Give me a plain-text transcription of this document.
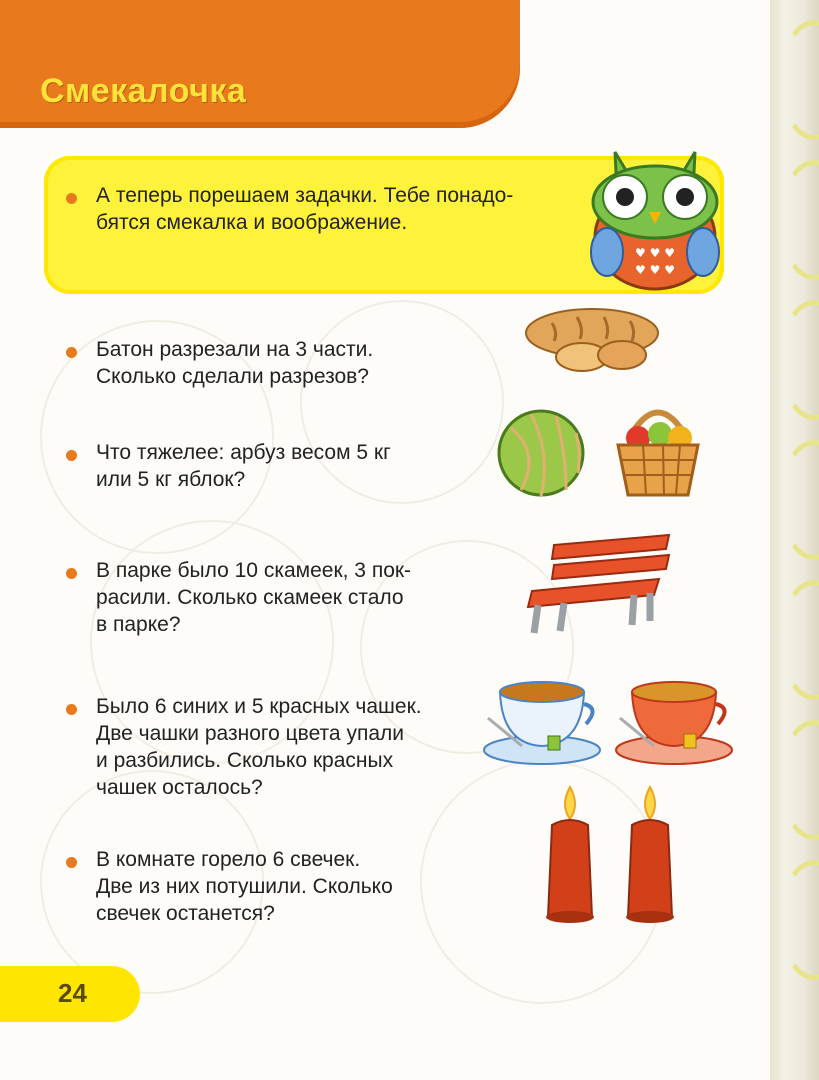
Смекалочка
А теперь порешаем задачки. Тебе понадо-
бятся смекалка и воображение.
♥ ♥ ♥
♥ ♥ ♥
Батон разрезали на 3 части.
Сколько сделали разрезов?
Что тяжелее: арбуз весом 5 кг
или 5 кг яблок?
В парке было 10 скамеек, 3 пок-
расили. Сколько скамеек стало
в парке?
Было 6 синих и 5 красных чашек.
Две чашки разного цвета упали
и разбились. Сколько красных
чашек осталось?
В комнате горело 6 свечек.
Две из них потушили. Сколько
свечек останется?
24
